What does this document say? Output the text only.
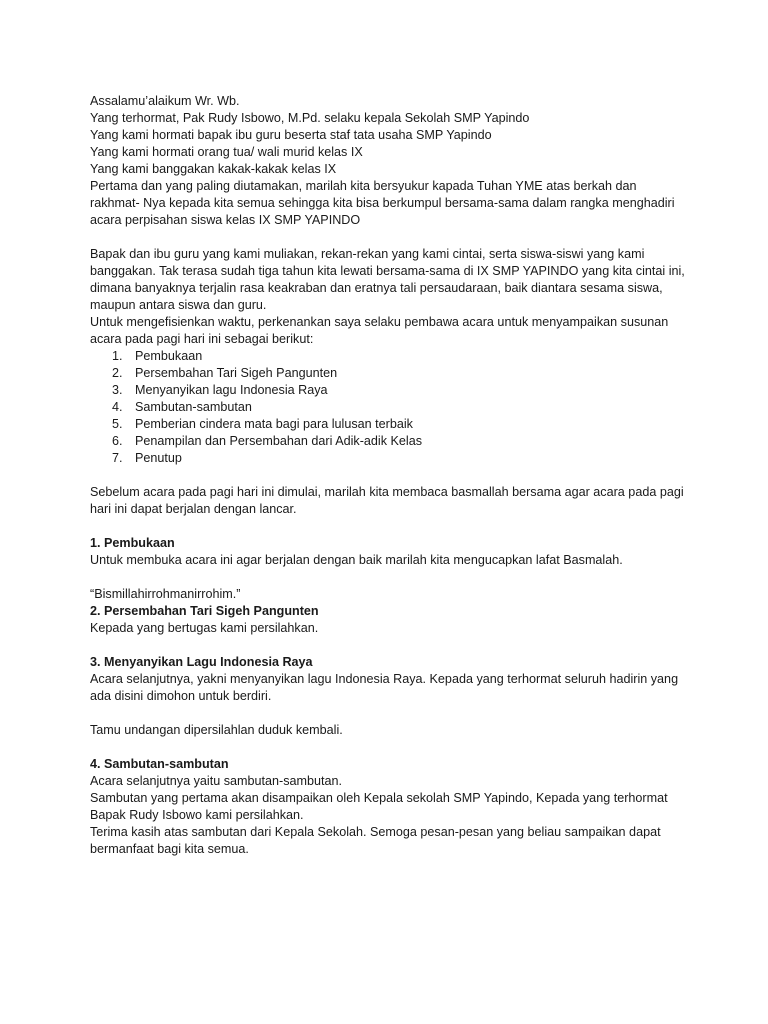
Assalamu’alaikum Wr. Wb.
Yang terhormat, Pak Rudy Isbowo, M.Pd. selaku kepala Sekolah SMP Yapindo
Yang kami hormati bapak ibu guru beserta staf tata usaha SMP Yapindo
Yang kami hormati orang tua/ wali murid kelas IX
Yang kami banggakan kakak-kakak kelas IX
Pertama dan yang paling diutamakan, marilah kita bersyukur kapada Tuhan YME atas berkah dan
rakhmat- Nya kepada kita semua sehingga kita bisa berkumpul bersama-sama dalam rangka menghadiri
acara perpisahan siswa kelas IX SMP YAPINDO
Bapak dan ibu guru yang kami muliakan, rekan-rekan yang kami cintai, serta siswa-siswi yang kami
banggakan. Tak terasa sudah tiga tahun kita lewati bersama-sama di IX SMP YAPINDO yang kita cintai ini,
dimana banyaknya terjalin rasa keakraban dan eratnya tali persaudaraan, baik diantara sesama siswa,
maupun antara siswa dan guru.
Untuk mengefisienkan waktu, perkenankan saya selaku pembawa acara untuk menyampaikan susunan
acara pada pagi hari ini sebagai berikut:
1. Pembukaan
2. Persembahan Tari Sigeh Pangunten
3. Menyanyikan lagu Indonesia Raya
4. Sambutan-sambutan
5. Pemberian cindera mata bagi para lulusan terbaik
6. Penampilan dan Persembahan dari Adik-adik Kelas
7. Penutup
Sebelum acara pada pagi hari ini dimulai, marilah kita membaca basmallah bersama agar acara pada pagi
hari ini dapat berjalan dengan lancar.
1. Pembukaan
Untuk membuka acara ini agar berjalan dengan baik marilah kita mengucapkan lafat Basmalah.
“Bismillahirrohmanirrohim.”
2. Persembahan Tari Sigeh Pangunten
Kepada yang bertugas kami persilahkan.
3. Menyanyikan Lagu Indonesia Raya
Acara selanjutnya, yakni menyanyikan lagu Indonesia Raya. Kepada yang terhormat seluruh hadirin yang
ada disini dimohon untuk berdiri.
Tamu undangan dipersilahlan duduk kembali.
4. Sambutan-sambutan
Acara selanjutnya yaitu sambutan-sambutan.
Sambutan yang pertama akan disampaikan oleh Kepala sekolah SMP Yapindo, Kepada yang terhormat
Bapak Rudy Isbowo kami persilahkan.
Terima kasih atas sambutan dari Kepala Sekolah. Semoga pesan-pesan yang beliau sampaikan dapat
bermanfaat bagi kita semua.
